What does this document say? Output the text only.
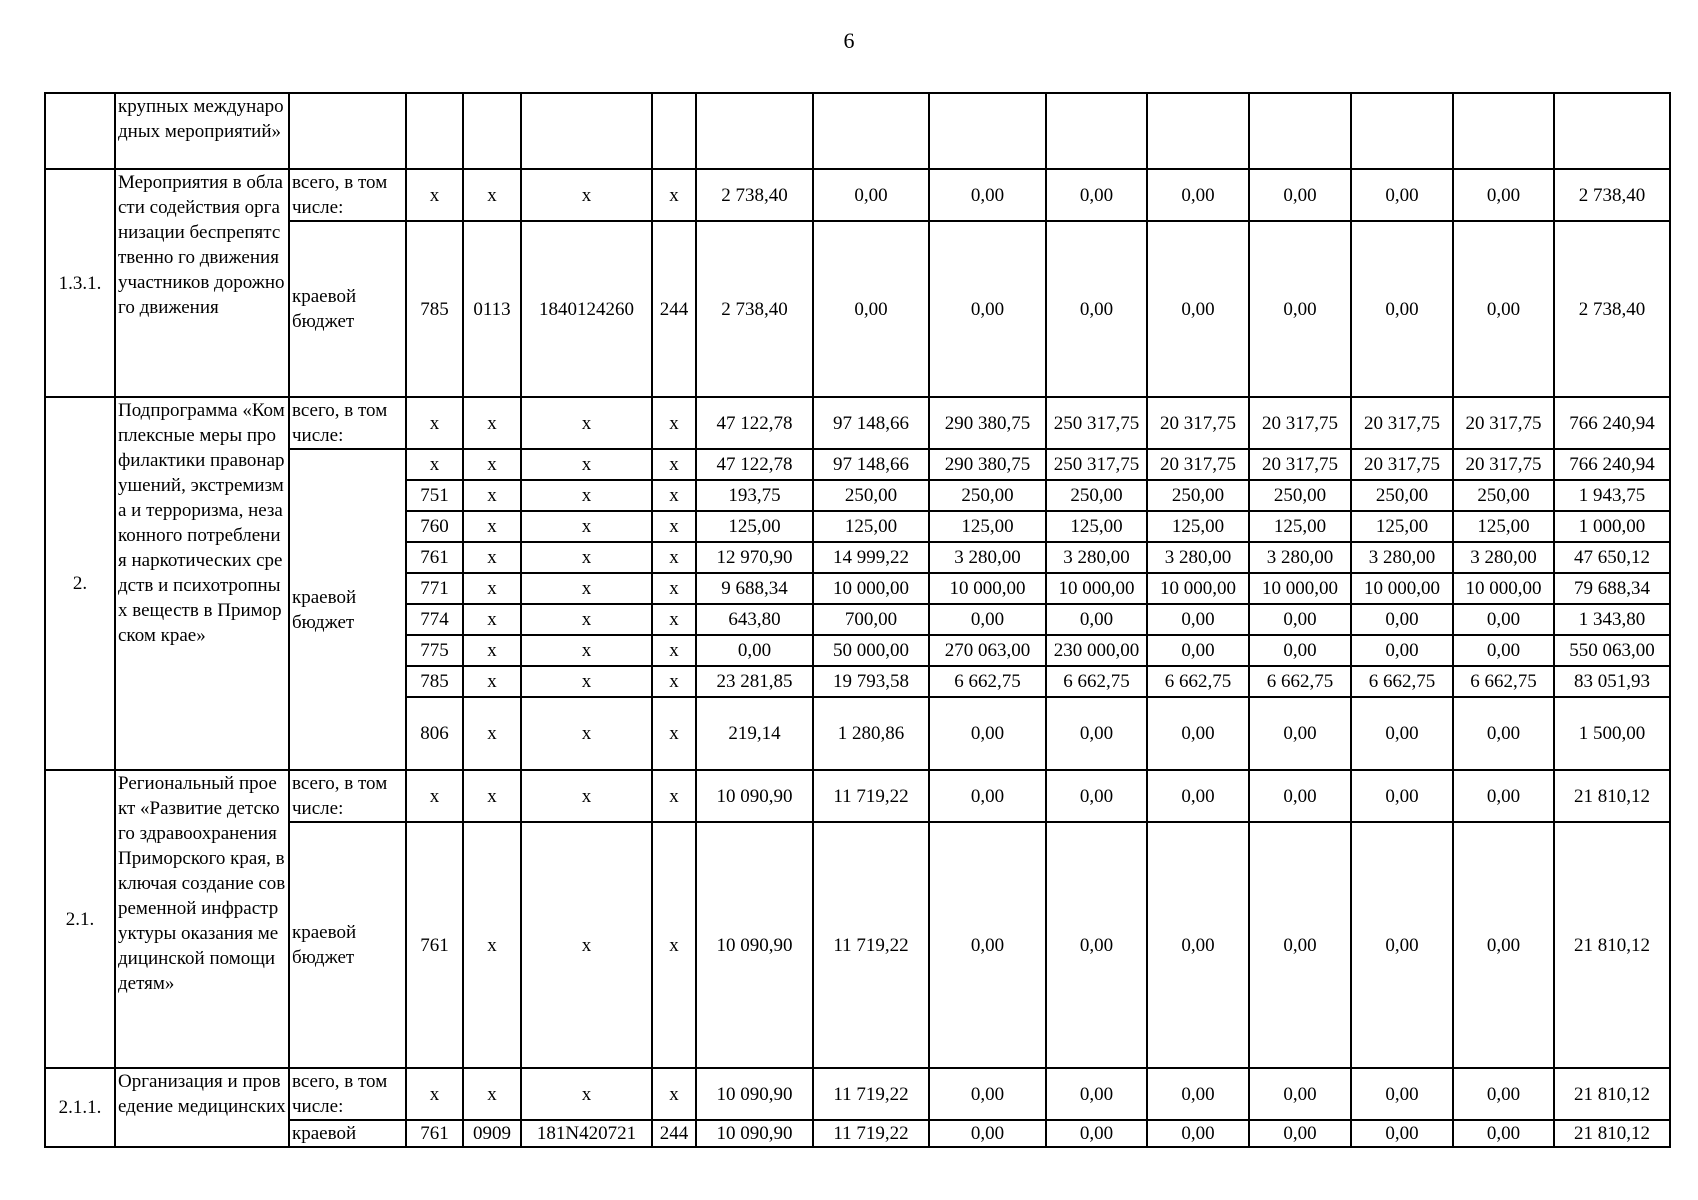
6
	крупных международных мероприятий»														
1.3.1.	Мероприятия в области содействия организации беспрепятственно го движения участников дорожного движения	всего, в том числе:	x	x	x	x	2 738,40	0,00	0,00	0,00	0,00	0,00	0,00	0,00	2 738,40
		краевой бюджет	785	0113	1840124260	244	2 738,40	0,00	0,00	0,00	0,00	0,00	0,00	0,00	2 738,40
2.	Подпрограмма «Комплексные меры профилактики правонарушений, экстремизма и терроризма, незаконного потребления наркотических средств и психотропных веществ в Приморском крае»	всего, в том числе:	x	x	x	x	47 122,78	97 148,66	290 380,75	250 317,75	20 317,75	20 317,75	20 317,75	20 317,75	766 240,94
		краевой бюджет	x	x	x	x	47 122,78	97 148,66	290 380,75	250 317,75	20 317,75	20 317,75	20 317,75	20 317,75	766 240,94
			751	x	x	x	193,75	250,00	250,00	250,00	250,00	250,00	250,00	250,00	1 943,75
			760	x	x	x	125,00	125,00	125,00	125,00	125,00	125,00	125,00	125,00	1 000,00
			761	x	x	x	12 970,90	14 999,22	3 280,00	3 280,00	3 280,00	3 280,00	3 280,00	3 280,00	47 650,12
			771	x	x	x	9 688,34	10 000,00	10 000,00	10 000,00	10 000,00	10 000,00	10 000,00	10 000,00	79 688,34
			774	x	x	x	643,80	700,00	0,00	0,00	0,00	0,00	0,00	0,00	1 343,80
			775	x	x	x	0,00	50 000,00	270 063,00	230 000,00	0,00	0,00	0,00	0,00	550 063,00
			785	x	x	x	23 281,85	19 793,58	6 662,75	6 662,75	6 662,75	6 662,75	6 662,75	6 662,75	83 051,93
			806	x	x	x	219,14	1 280,86	0,00	0,00	0,00	0,00	0,00	0,00	1 500,00
2.1.	Региональный проект «Развитие детского здравоохранения Приморского края, включая создание современной инфраструктуры оказания медицинской помощи детям»	всего, в том числе:	x	x	x	x	10 090,90	11 719,22	0,00	0,00	0,00	0,00	0,00	0,00	21 810,12
		краевой бюджет	761	x	x	x	10 090,90	11 719,22	0,00	0,00	0,00	0,00	0,00	0,00	21 810,12
2.1.1.	Организация и проведение медицинских	всего, в том числе:	x	x	x	x	10 090,90	11 719,22	0,00	0,00	0,00	0,00	0,00	0,00	21 810,12
		краевой	761	0909	181N420721	244	10 090,90	11 719,22	0,00	0,00	0,00	0,00	0,00	0,00	21 810,12
